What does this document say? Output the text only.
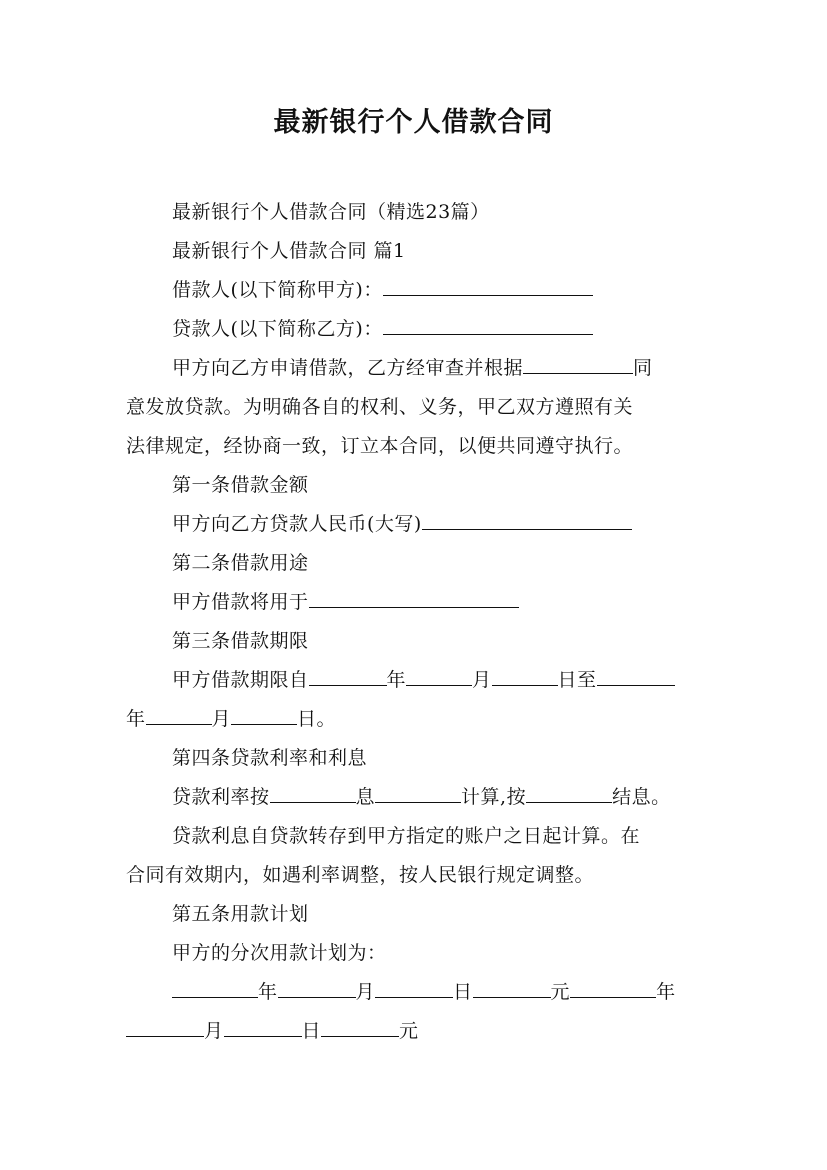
最新银行个人借款合同
最新银行个人借款合同（精选23篇）
最新银行个人借款合同 篇1
借款人(以下简称甲方)：
贷款人(以下简称乙方)：
甲方向乙方申请借款，乙方经审查并根据	同
意发放贷款。为明确各自的权利、义务，甲乙双方遵照有关
法律规定，经协商一致，订立本合同，以便共同遵守执行。
第一条借款金额
甲方向乙方贷款人民币(大写)
第二条借款用途
甲方借款将用于
第三条借款期限
甲方借款期限自	年	月	日至
年	月	日。
第四条贷款利率和利息
贷款利率按	息	计算,按	结息。
贷款利息自贷款转存到甲方指定的账户之日起计算。在
合同有效期内，如遇利率调整，按人民银行规定调整。
第五条用款计划
甲方的分次用款计划为：
年	月	日	元	年
月	日	元
